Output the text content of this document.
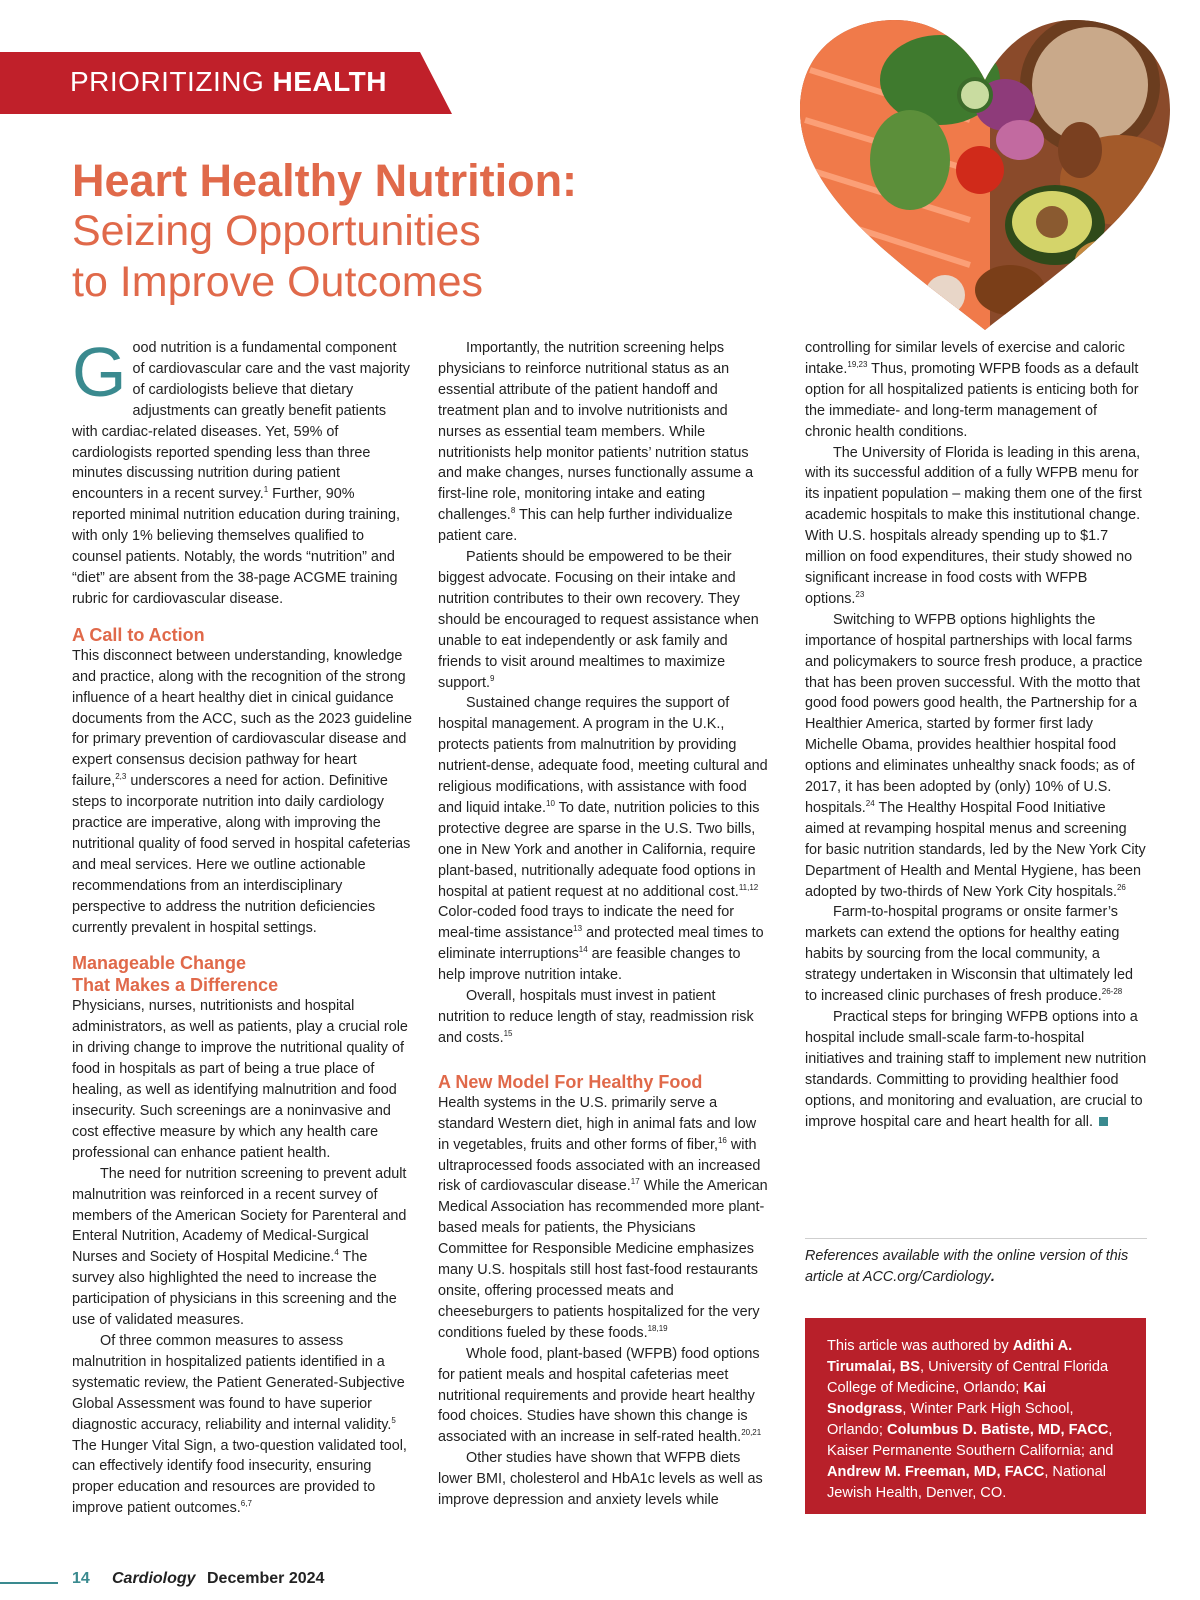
PRIORITIZING HEALTH
Heart Healthy Nutrition:
Seizing Opportunities
to Improve Outcomes

Good nutrition is a fundamental component of cardiovascular care and the vast majority of cardiologists believe that dietary adjustments can greatly benefit patients with cardiac-related diseases. Yet, 59% of cardiologists reported spending less than three minutes discussing nutrition during patient encounters in a recent survey.$^1$ Further, 90% reported minimal nutrition education during training, with only 1% believing themselves qualified to counsel patients. Notably, the words “nutrition” and “diet” are absent from the 38-page ACGME training rubric for cardiovascular disease.

A Call to Action

This disconnect between understanding, knowledge and practice, along with the recognition of the strong influence of a heart healthy diet in cinical guidance documents from the ACC, such as the 2023 guideline for primary prevention of cardiovascular disease and expert consensus decision pathway for heart failure,$^{2,3}$ underscores a need for action. Definitive steps to incorporate nutrition into daily cardiology practice are imperative, along with improving the nutritional quality of food served in hospital cafeterias and meal services. Here we outline actionable recommendations from an interdisciplinary perspective to address the nutrition deficiencies currently prevalent in hospital settings.

Manageable Change
That Makes a Difference

Physicians, nurses, nutritionists and hospital administrators, as well as patients, play a crucial role in driving change to improve the nutritional quality of food in hospitals as part of being a true place of healing, as well as identifying malnutrition and food insecurity. Such screenings are a noninvasive and cost effective measure by which any health care professional can enhance patient health.

The need for nutrition screening to prevent adult malnutrition was reinforced in a recent survey of members of the American Society for Parenteral and Enteral Nutrition, Academy of Medical-Surgical Nurses and Society of Hospital Medicine.$^4$ The survey also highlighted the need to increase the participation of physicians in this screening and the use of validated measures.

Of three common measures to assess malnutrition in hospitalized patients identified in a systematic review, the Patient Generated-Subjective Global Assessment was found to have superior diagnostic accuracy, reliability and internal validity.$^5$ The Hunger Vital Sign, a two-question validated tool, can effectively identify food insecurity, ensuring proper education and resources are provided to improve patient outcomes.$^{6,7}$

Importantly, the nutrition screening helps physicians to reinforce nutritional status as an essential attribute of the patient handoff and treatment plan and to involve nutritionists and nurses as essential team members. While nutritionists help monitor patients’ nutrition status and make changes, nurses functionally assume a first-line role, monitoring intake and eating challenges.$^8$ This can help further individualize patient care.

Patients should be empowered to be their biggest advocate. Focusing on their intake and nutrition contributes to their own recovery. They should be encouraged to request assistance when unable to eat independently or ask family and friends to visit around mealtimes to maximize support.$^9$

Sustained change requires the support of hospital management. A program in the U.K., protects patients from malnutrition by providing nutrient-dense, adequate food, meeting cultural and religious modifications, with assistance with food and liquid intake.$^{10}$ To date, nutrition policies to this protective degree are sparse in the U.S. Two bills, one in New York and another in California, require plant-based, nutritionally adequate food options in hospital at patient request at no additional cost.$^{11,12}$ Color-coded food trays to indicate the need for meal-time assistance$^{13}$ and protected meal times to eliminate interruptions$^{14}$ are feasible changes to help improve nutrition intake.

Overall, hospitals must invest in patient nutrition to reduce length of stay, readmission risk and costs.$^{15}$

A New Model For Healthy Food

Health systems in the U.S. primarily serve a standard Western diet, high in animal fats and low in vegetables, fruits and other forms of fiber,$^{16}$ with ultraprocessed foods associated with an increased risk of cardiovascular disease.$^{17}$ While the American Medical Association has recommended more plant-based meals for patients, the Physicians Committee for Responsible Medicine emphasizes many U.S. hospitals still host fast-food restaurants onsite, offering processed meats and cheeseburgers to patients hospitalized for the very conditions fueled by these foods.$^{18,19}$

Whole food, plant-based (WFPB) food options for patient meals and hospital cafeterias meet nutritional requirements and provide heart healthy food choices. Studies have shown this change is associated with an increase in self-rated health.$^{20,21}$

Other studies have shown that WFPB diets lower BMI, cholesterol and HbA1c levels as well as improve depression and anxiety levels while

controlling for similar levels of exercise and caloric intake.$^{19,23}$ Thus, promoting WFPB foods as a default option for all hospitalized patients is enticing both for the immediate- and long-term management of chronic health conditions.

The University of Florida is leading in this arena, with its successful addition of a fully WFPB menu for its inpatient population – making them one of the first academic hospitals to make this institutional change. With U.S. hospitals already spending up to $1.7 million on food expenditures, their study showed no significant increase in food costs with WFPB options.$^{23}$

Switching to WFPB options highlights the importance of hospital partnerships with local farms and policymakers to source fresh produce, a practice that has been proven successful. With the motto that good food powers good health, the Partnership for a Healthier America, started by former first lady Michelle Obama, provides healthier hospital food options and eliminates unhealthy snack foods; as of 2017, it has been adopted by (only) 10% of U.S. hospitals.$^{24}$ The Healthy Hospital Food Initiative aimed at revamping hospital menus and screening for basic nutrition standards, led by the New York City Department of Health and Mental Hygiene, has been adopted by two-thirds of New York City hospitals.$^{26}$

Farm-to-hospital programs or onsite farmer’s markets can extend the options for healthy eating habits by sourcing from the local community, a strategy undertaken in Wisconsin that ultimately led to increased clinic purchases of fresh produce.$^{26-28}$

Practical steps for bringing WFPB options into a hospital include small-scale farm-to-hospital initiatives and training staff to implement new nutrition standards. Committing to providing healthier food options, and monitoring and evaluation, are crucial to improve hospital care and heart health for all.

References available with the online version of this article at ACC.org/Cardiology.
This article was authored by Adithi A. Tirumalai, BS, University of Central Florida College of Medicine, Orlando; Kai Snodgrass, Winter Park High School, Orlando; Columbus D. Batiste, MD, FACC, Kaiser Permanente Southern California; and Andrew M. Freeman, MD, FACC, National Jewish Health, Denver, CO.
14 Cardiology December 2024
